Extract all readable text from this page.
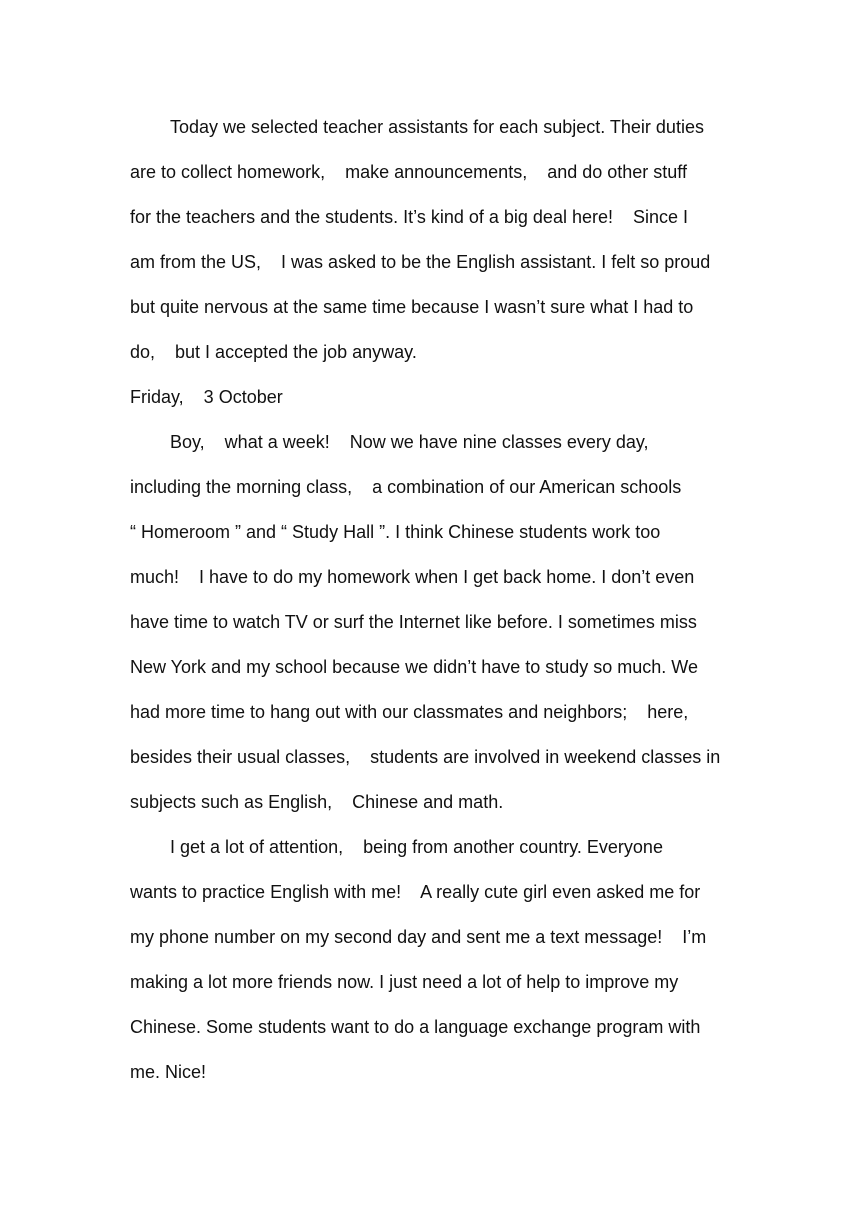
Today we selected teacher assistants for each subject. Their duties
are to collect homework,    make announcements,    and do other stuff
for the teachers and the students. It’s kind of a big deal here!    Since I
am from the US,    I was asked to be the English assistant. I felt so proud
but quite nervous at the same time because I wasn’t sure what I had to
do,    but I accepted the job anyway.
Friday,    3 October
Boy,    what a week!    Now we have nine classes every day,
including the morning class,    a combination of our American schools
“ Homeroom ” and “ Study Hall ”. I think Chinese students work too
much!    I have to do my homework when I get back home. I don’t even
have time to watch TV or surf the Internet like before. I sometimes miss
New York and my school because we didn’t have to study so much. We
had more time to hang out with our classmates and neighbors;    here,
besides their usual classes,    students are involved in weekend classes in
subjects such as English,    Chinese and math.
I get a lot of attention,    being from another country. Everyone
wants to practice English with me!    A really cute girl even asked me for
my phone number on my second day and sent me a text message!    I’m
making a lot more friends now. I just need a lot of help to improve my
Chinese. Some students want to do a language exchange program with
me. Nice!
